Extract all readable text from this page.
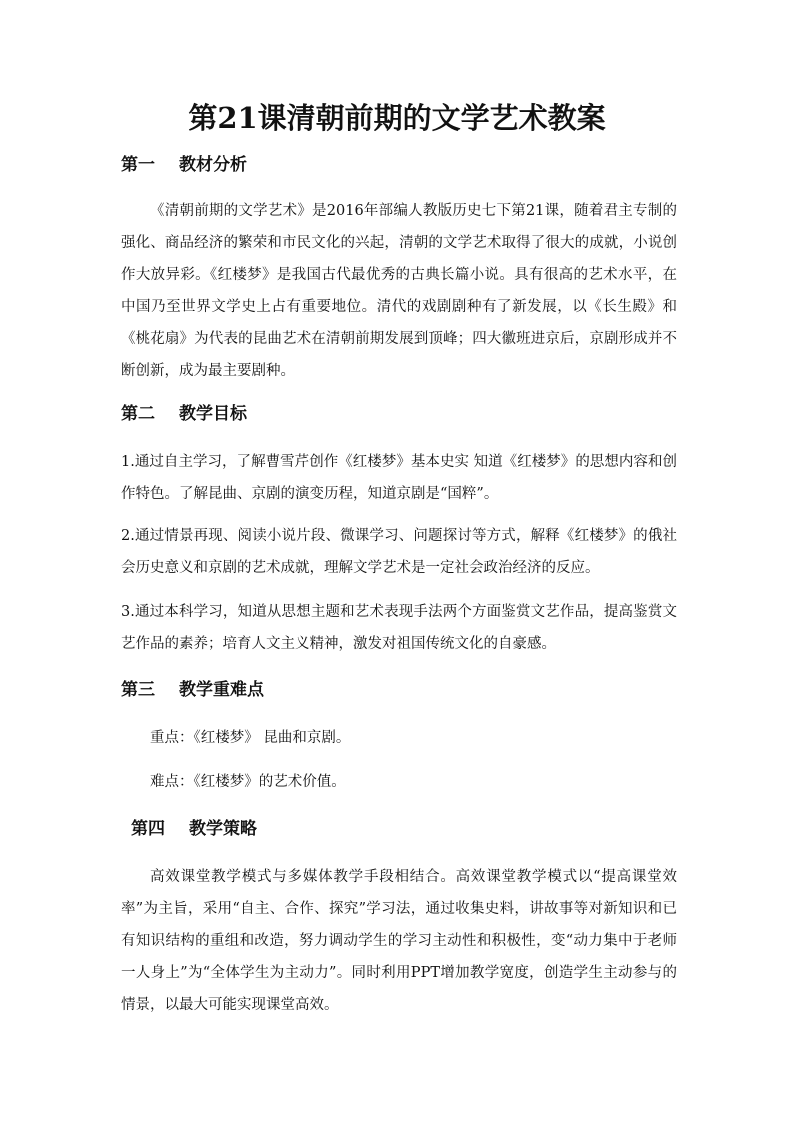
第21课清朝前期的文学艺术教案
第一 教材分析
《清朝前期的文学艺术》是2016年部编人教版历史七下第21课，随着君主专制的强化、商品经济的繁荣和市民文化的兴起，清朝的文学艺术取得了很大的成就，小说创作大放异彩。《红楼梦》是我国古代最优秀的古典长篇小说。具有很高的艺术水平，在中国乃至世界文学史上占有重要地位。清代的戏剧剧种有了新发展，以《长生殿》和《桃花扇》为代表的昆曲艺术在清朝前期发展到顶峰；四大徽班进京后，京剧形成并不断创新，成为最主要剧种。
第二 教学目标
1.通过自主学习，了解曹雪芹创作《红楼梦》基本史实 知道《红楼梦》的思想内容和创作特色。了解昆曲、京剧的演变历程，知道京剧是“国粹”。
2.通过情景再现、阅读小说片段、微课学习、问题探讨等方式，解释《红楼梦》的俄社会历史意义和京剧的艺术成就，理解文学艺术是一定社会政治经济的反应。
3.通过本科学习，知道从思想主题和艺术表现手法两个方面鉴赏文艺作品，提高鉴赏文艺作品的素养；培育人文主义精神，激发对祖国传统文化的自豪感。
第三 教学重难点
重点：《红楼梦》 昆曲和京剧。
难点：《红楼梦》的艺术价值。
第四 教学策略
高效课堂教学模式与多媒体教学手段相结合。高效课堂教学模式以“提高课堂效率”为主旨，采用“自主、合作、探究”学习法，通过收集史料，讲故事等对新知识和已有知识结构的重组和改造，努力调动学生的学习主动性和积极性，变“动力集中于老师一人身上”为“全体学生为主动力”。同时利用PPT增加教学宽度，创造学生主动参与的情景，以最大可能实现课堂高效。
